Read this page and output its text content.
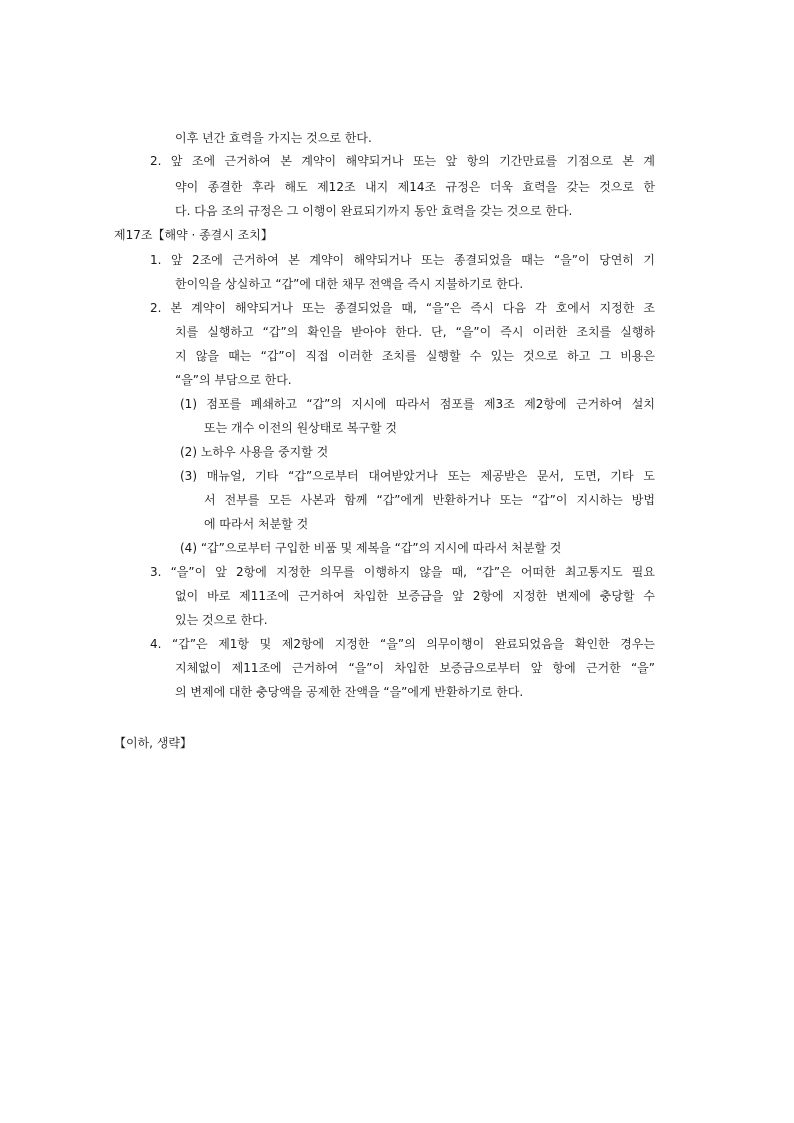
이후 년간 효력을 가지는 것으로 한다.
2. 앞 조에 근거하여 본 계약이 해약되거나 또는 앞 항의 기간만료를 기점으로 본 계
약이 종결한 후라 해도 제12조 내지 제14조 규정은 더욱 효력을 갖는 것으로 한
다. 다음 조의 규정은 그 이행이 완료되기까지 동안 효력을 갖는 것으로 한다.
제17조【해약 · 종결시 조치】
1. 앞 2조에 근거하여 본 계약이 해약되거나 또는 종결되었을 때는 “을”이 당연히 기
한이익을 상실하고 “갑”에 대한 채무 전액을 즉시 지불하기로 한다.
2. 본 계약이 해약되거나 또는 종결되었을 때, “을”은 즉시 다음 각 호에서 지정한 조
치를 실행하고 “갑”의 확인을 받아야 한다. 단, “을”이 즉시 이러한 조치를 실행하
지 않을 때는 “갑”이 직접 이러한 조치를 실행할 수 있는 것으로 하고 그 비용은
“을”의 부담으로 한다.
(1) 점포를 폐쇄하고 “갑”의 지시에 따라서 점포를 제3조 제2항에 근거하여 설치
또는 개수 이전의 원상태로 복구할 것
(2) 노하우 사용을 중지할 것
(3) 매뉴얼, 기타 “갑”으로부터 대여받았거나 또는 제공받은 문서, 도면, 기타 도
서 전부를 모든 사본과 함께 “갑”에게 반환하거나 또는 “갑”이 지시하는 방법
에 따라서 처분할 것
(4) “갑”으로부터 구입한 비품 및 제복을 “갑”의 지시에 따라서 처분할 것
3. “을”이 앞 2항에 지정한 의무를 이행하지 않을 때, “갑”은 어떠한 최고통지도 필요
없이 바로 제11조에 근거하여 차입한 보증금을 앞 2항에 지정한 변제에 충당할 수
있는 것으로 한다.
4. “갑”은 제1항 및 제2항에 지정한 “을”의 의무이행이 완료되었음을 확인한 경우는
지체없이 제11조에 근거하여 “을”이 차입한 보증금으로부터 앞 항에 근거한 “을”
의 변제에 대한 충당액을 공제한 잔액을 “을”에게 반환하기로 한다.
【이하, 생략】
